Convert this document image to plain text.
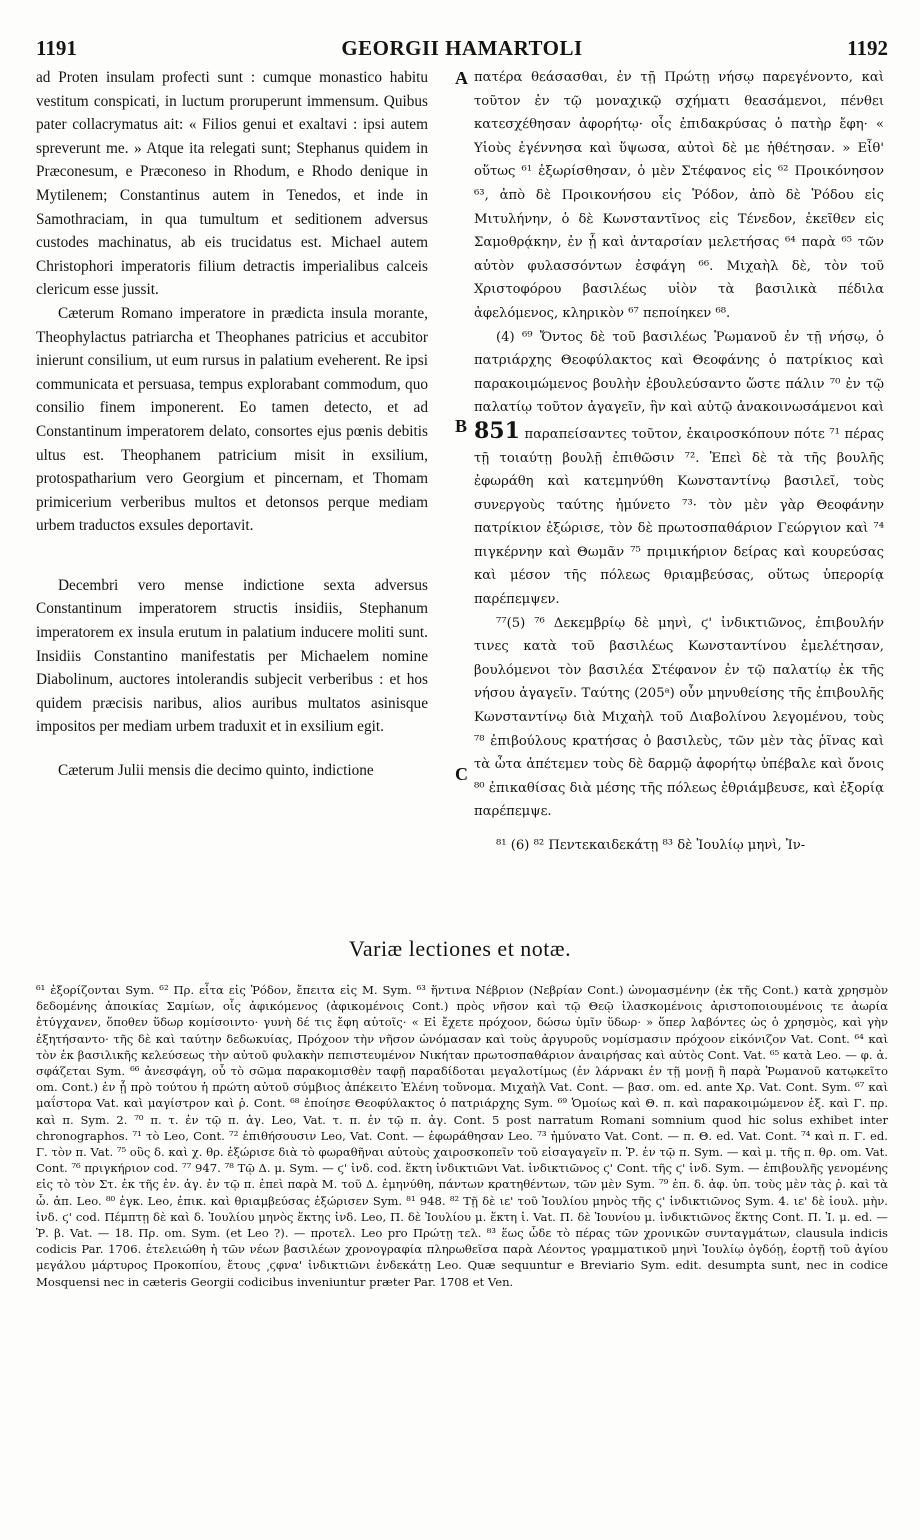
1191	GEORGII HAMARTOLI	1192

ad Proten insulam profecti sunt : cumque monastico habitu vestitum conspicati, in luctum proruperunt immensum. Quibus pater collacrymatus ait: « Filios genui et exaltavi : ipsi autem spreverunt me. » Atque ita relegati sunt; Stephanus quidem in Præconesum, e Præconeso in Rhodum, e Rhodo denique in Mytilenem; Constantinus autem in Tenedos, et inde in Samothraciam, in qua tumultum et seditionem adversus custodes machinatus, ab eis trucidatus est. Michael autem Christophori imperatoris filium detractis imperialibus calceis clericum esse jussit.

Cæterum Romano imperatore in prædicta insula morante, Theophylactus patriarcha et Theophanes patricius et accubitor inierunt consilium, ut eum rursus in palatium eveherent. Re ipsi communicata et persuasa, tempus explorabant commodum, quo consilio finem imponerent. Eo tamen detecto, et ad Constantinum imperatorem delato, consortes ejus pœnis debitis ultus est. Theophanem patricium misit in exsilium, protospatharium vero Georgium et pincernam, et Thomam primicerium verberibus multos et detonsos perque mediam urbem traductos exsules deportavit.

Decembri vero mense indictione sexta adversus Constantinum imperatorem structis insidiis, Stephanum imperatorem ex insula erutum in palatium inducere moliti sunt. Insidiis Constantino manifestatis per Michaelem nomine Diabolinum, auctores intolerandis subjecit verberibus : et hos quidem præcisis naribus, alios auribus multatos asinisque impositos per mediam urbem traduxit et in exsilium egit.

Cæterum Julii mensis die decimo quinto, indictione

A
B
C

πατέρα θεάσασθαι, ἐν τῇ Πρώτῃ νήσῳ παρεγένοντο, καὶ τοῦτον ἐν τῷ μοναχικῷ σχήματι θεασάμενοι, πένθει κατεσχέθησαν ἀφορήτῳ· οἷς ἐπιδακρύσας ὁ πατὴρ ἔφη· « Υἱοὺς ἐγέννησα καὶ ὕψωσα, αὐτοὶ δὲ με ἠθέτησαν. » Εἶθ' οὕτως ⁶¹ ἐξωρίσθησαν, ὁ μὲν Στέφανος εἰς ⁶² Προικόνησον ⁶³, ἀπὸ δὲ Προικονήσου εἰς Ῥόδον, ἀπὸ δὲ Ῥόδου εἰς Μιτυλήνην, ὁ δὲ Κωνσταντῖνος εἰς Τένεδον, ἐκεῖθεν εἰς Σαμοθρᾴκην, ἐν ᾗ καὶ ἀνταρσίαν μελετήσας ⁶⁴ παρὰ ⁶⁵ τῶν αὐτὸν φυλασσόντων ἐσφάγη ⁶⁶. Μιχαὴλ δὲ, τὸν τοῦ Χριστοφόρου βασιλέως υἱὸν τὰ βασιλικὰ πέδιλα ἀφελόμενος, κληρικὸν ⁶⁷ πεποίηκεν ⁶⁸.

(4) ⁶⁹ Ὄντος δὲ τοῦ βασιλέως Ῥωμανοῦ ἐν τῇ νήσῳ, ὁ πατριάρχης Θεοφύλακτος καὶ Θεοφάνης ὁ πατρίκιος καὶ παρακοιμώμενος βουλὴν ἐβουλεύσαντο ὥστε πάλιν ⁷⁰ ἐν τῷ παλατίῳ τοῦτον ἀγαγεῖν, ἣν καὶ αὐτῷ ἀνακοινωσάμενοι καὶ 851 παραπείσαντες τοῦτον, ἐκαιροσκόπουν πότε ⁷¹ πέρας τῇ τοιαύτῃ βουλῇ ἐπιθῶσιν ⁷². Ἐπεὶ δὲ τὰ τῆς βουλῆς ἐφωράθη καὶ κατεμηνύθη Κωνσταντίνῳ βασιλεῖ, τοὺς συνεργοὺς ταύτης ἠμύνετο ⁷³· τὸν μὲν γὰρ Θεοφάνην πατρίκιον ἐξώρισε, τὸν δὲ πρωτοσπαθάριον Γεώργιον καὶ ⁷⁴ πιγκέρνην καὶ Θωμᾶν ⁷⁵ πριμικήριον δείρας καὶ κουρεύσας καὶ μέσον τῆς πόλεως θριαμβεύσας, οὕτως ὑπερορίᾳ παρέπεμψεν.

⁷⁷(5) ⁷⁶ Δεκεμβρίῳ δὲ μηνὶ, ϛ' ἰνδικτιῶνος, ἐπιβουλήν τινες κατὰ τοῦ βασιλέως Κωνσταντίνου ἐμελέτησαν, βουλόμενοι τὸν βασιλέα Στέφανον ἐν τῷ παλατίῳ ἐκ τῆς νήσου ἀγαγεῖν. Ταύτης (205ᵃ) οὖν μηνυθείσης τῆς ἐπιβουλῆς Κωνσταντίνῳ διὰ Μιχαὴλ τοῦ Διαβολίνου λεγομένου, τοὺς ⁷⁸ ἐπιβούλους κρατήσας ὁ βασιλεὺς, τῶν μὲν τὰς ῥῖνας καὶ τὰ ὦτα ἀπέτεμεν τοὺς δὲ δαρμῷ ἀφορήτῳ ὑπέβαλε καὶ ὄνοις ⁸⁰ ἐπικαθίσας διὰ μέσης τῆς πόλεως ἐθριάμβευσε, καὶ ἐξορίᾳ παρέπεμψε.

⁸¹ (6) ⁸² Πεντεκαιδεκάτῃ ⁸³ δὲ Ἰουλίῳ μηνὶ, Ἰν-

Variæ lectiones et notæ.
⁶¹ ἐξορίζονται Sym. ⁶² Πρ. εἶτα εἰς Ῥόδον, ἔπειτα εἰς Μ. Sym. ⁶³ ἥντινα Νέβριον (Νεβρίαν Cont.) ὠνομασμένην (ἐκ τῆς Cont.) κατὰ χρησμὸν δεδομένης ἀποικίας Σαμίων, οἷς ἀφικόμενος (ἀφικομένοις Cont.) πρὸς νῆσον καὶ τῷ Θεῷ ἱλασκομένοις ἀριστοποιουμένοις τε ἀωρία ἐτύγχανεν, ὅποθεν ὕδωρ κομίσοιντο· γυνὴ δέ τις ἔφη αὐτοῖς· « Εἰ ἔχετε πρόχοον, δώσω ὑμῖν ὕδωρ· » ὅπερ λαβόντες ὡς ὁ χρησμὸς, καὶ γὴν ἐξητήσαντο· τῆς δὲ καὶ ταύτην δεδωκυίας, Πρόχοον τὴν νῆσον ὠνόμασαν καὶ τοὺς ἀργυροῦς νομίσμασιν πρόχοον εἰκόνιζον Vat. Cont. ⁶⁴ καὶ τὸν ἐκ βασιλικῆς κελεύσεως τὴν αὐτοῦ φυλακὴν πεπιστευμένον Νικήταν πρωτοσπαθάριον ἀναιρήσας καὶ αὐτὸς Cont. Vat. ⁶⁵ κατὰ Leo. — φ. ἀ. σφάζεται Sym. ⁶⁶ ἀνεσφάγη, οὗ τὸ σῶμα παρακομισθὲν ταφῇ παραδίδοται μεγαλοτίμως (ἐν λάρνακι ἐν τῇ μονῇ ἢ παρὰ Ῥωμανοῦ κατῳκεῖτο om. Cont.) ἐν ᾗ πρὸ τούτου ἡ πρώτη αὐτοῦ σύμβιος ἀπέκειτο Ἑλένη τοὔνομα. Μιχαὴλ Vat. Cont. — βασ. om. ed. ante Χρ. Vat. Cont. Sym. ⁶⁷ καὶ μαΐστορα Vat. καὶ μαγίστρον καὶ ῥ. Cont. ⁶⁸ ἐποίησε Θεοφύλακτος ὁ πατριάρχης Sym. ⁶⁹ Ὁμοίως καὶ Θ. π. καὶ παρακοιμώμενον ἐξ. καὶ Γ. πρ. καὶ π. Sym. 2. ⁷⁰ π. τ. ἐν τῷ π. ἀγ. Leo, Vat. τ. π. ἐν τῷ π. ἀγ. Cont. 5 post narratum Romani somnium quod hic solus exhibet inter chronographos. ⁷¹ τὸ Leo, Cont. ⁷² ἐπιθήσουσιν Leo, Vat. Cont. — ἐφωράθησαν Leo. ⁷³ ἠμύνατο Vat. Cont. — π. Θ. ed. Vat. Cont. ⁷⁴ καὶ π. Γ. ed. Γ. τὸν π. Vat. ⁷⁵ οὓς δ. καὶ χ. θρ. ἐξώρισε διὰ τὸ φωραθῆναι αὐτοὺς χαιροσκοπεῖν τοῦ εἰσαγαγεῖν π. Ῥ. ἐν τῷ π. Sym. — καὶ μ. τῆς π. θρ. om. Vat. Cont. ⁷⁶ πριγκήριον cod. ⁷⁷ 947. ⁷⁸ Τῷ Δ. μ. Sym. — ϛ' ἰνδ. cod. ἕκτη ἰνδικτιῶνι Vat. ἰνδικτιῶνος ϛ' Cont. τῆς ϛ' ἰνδ. Sym. — ἐπιβουλῆς γενομένης εἰς τὸ τὸν Στ. ἐκ τῆς ἐν. ἀγ. ἐν τῷ π. ἐπεὶ παρὰ Μ. τοῦ Δ. ἐμηνύθη, πάντων κρατηθέντων, τῶν μὲν Sym. ⁷⁹ ἐπ. δ. ἀφ. ὑπ. τοὺς μὲν τὰς ῥ. καὶ τὰ ὦ. ἀπ. Leo. ⁸⁰ ἐγκ. Leo, ἐπικ. καὶ θριαμβεύσας ἐξώρισεν Sym. ⁸¹ 948. ⁸² Τῇ δὲ ιε' τοῦ Ἰουλίου μηνὸς τῆς ϛ' ἰνδικτιῶνος Sym. 4. ιε' δὲ ἰουλ. μὴν. ἰνδ. ϛ' cod. Πέμπτῃ δὲ καὶ δ. Ἰουλίου μηνὸς ἕκτης ἰνδ. Leo, Π. δὲ Ἰουλίου μ. ἕκτη ἰ. Vat. Π. δὲ Ἰουνίου μ. ἰνδικτιῶνος ἕκτης Cont. Π. Ἰ. μ. ed. — Ῥ. β. Vat. — 18. Πρ. om. Sym. (et Leo ?). — προτελ. Leo pro Πρώτῃ τελ. ⁸³ ἕως ὧδε τὸ πέρας τῶν χρονικῶν συνταγμάτων, clausula indicis codicis Par. 1706. ἐτελειώθη ἡ τῶν νέων βασιλέων χρονογραφία πληρωθεῖσα παρὰ Λέοντος γραμματικοῦ μηνὶ Ἰουλίῳ ὀγδόῃ, ἑορτῇ τοῦ ἁγίου μεγάλου μάρτυρος Προκοπίου, ἔτους ͵ϛφνα' ἰνδικτιῶνι ἑνδεκάτῃ Leo. Quæ sequuntur e Breviario Sym. edit. desumpta sunt, nec in codice Mosquensi nec in cæteris Georgii codicibus inveniuntur præter Par. 1708 et Ven.
